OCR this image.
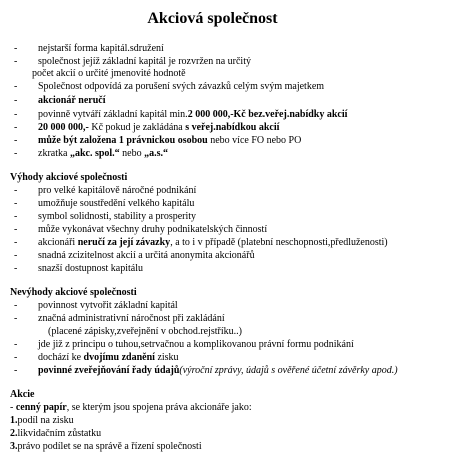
Akciová společnost
- nejstarší forma kapitál.sdružení
- společnost jejíž základní kapitál je rozvržen na určitý
počet akcií o určité jmenovité hodnotě
- Společnost odpovídá za porušení svých závazků celým svým majetkem
- akcionář neručí
- povinně vytváří základní kapitál min.2 000 000,-Kč bez.veřej.nabídky akcií
- 20 000 000,- Kč pokud je zakládána s veřej.nabídkou akcií
- může být založena 1 právnickou osobou nebo více FO nebo PO
- zkratka „akc. spol.“ nebo „a.s.“
Výhody akciové společnosti
- pro velké kapitálově náročné podnikání
- umožňuje soustředění velkého kapitálu
- symbol solidnosti, stability a prosperity
- může vykonávat všechny druhy podnikatelských činností
- akcionáři neručí za její závazky, a to i v případě (platební neschopnosti,předluženosti)
- snadná zcizitelnost akcií a určitá anonymita akcionářů
- snazší dostupnost kapitálu
Nevýhody akciové společnosti
- povinnost vytvořit základní kapitál
- značná administrativní náročnost při zakládání
(placené zápisky,zveřejnění v obchod.rejstříku..)
- jde již z principu o tuhou,setrvačnou a komplikovanou právní formu podnikání
- dochází ke dvojímu zdanění zisku
- povinné zveřejňování řady údajů(výroční zprávy, údajů s ověřené účetní závěrky apod.)
Akcie
- cenný papír, se kterým jsou spojena práva akcionáře jako:
1.podíl na zisku
2.likvidačním zůstatku
3.právo podílet se na správě a řízení společnosti
